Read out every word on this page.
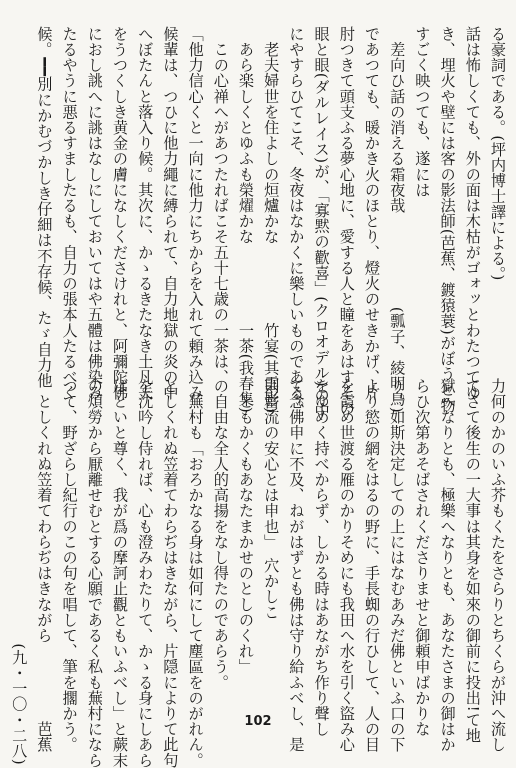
る豪詞である。(坪内博士譯による。)
話は怖しくても、外の面は木枯がゴォッとわたつてゆ
き、埋火や壁には客の影法師(芭蕉、鍍猿蓑)がぼうと物
すごく映つても、遂には
　差向ひ話の消える霜夜哉　　　　　　(瓢子、綾明鳥)
であつても、暖かき火のほとり、燈火のせきかげ、片
肘つきて頭支ふる夢心地に、愛する人と瞳をあはすその
眼と眼(ダルレイス)が、「寡黙の歡喜」(クロオデル)の中
にやすらひてこそ、冬夜はなかくに樂しいものである。
　老夫婦世を住よしの烜爐かな　　　　　竹宴(其雲影)
　あら楽しくとゆふも榮燿かな　　　　　一茶(我春集)
　この心禅へがあつたればこそ五十七歳の一茶は、
「他力信心くと一向に他力にちからを入れて頼み込み
候輩は、つひに他力繩に縛られて、自力地獄の炎の中
へぼたんと落入り候。其次に、かゝるきたなき土凡夫
をうつくしき黄金の膚になしくださけれと、阿彌陀佛
におし誂へに誂はなしにしておいてはや五體は佛染み
たるやうに悪るすましたるも、自力の張本人たるべく
候。━━別にかむづかしき仔細は不存候、たゞ自力他
力何のかのいふ芥もくたをさらりとちくらが沖へ流し
てさて後生の一大事は其身を如來の御前に投出!て地
獄へなりとも、極樂へなりとも、あなたさまの御はか
らひ次第あそばされくださりませと御頼申ばかりな
り。如斯決定しての上にはなむあみだ佛といふ口の下
より慾の網をはるの野に、手長蜘の行ひして、人の目
を霞め世渡る雁のかりそめにも我田へ水を引く盜み心
をゆめく持べからず、しかる時はあながち作り聲し
て念佛申に不及、ねがはずとも佛は守り給ふべし、是
則當流の安心とは申也」　穴かしこ
　ともかくもあなたまかせのとしのくれ」
の自由な全人的高揚をなし得たのであらう。
　蕪村も「おろかなる身は如何にして塵區をのがれん。
としくれぬ笠着てわらぢはきながら、片隠によりて此句
を沈吟し侍れば、心も澄みわたりて、かゝる身にしあら
ばといと尊く、我が爲の摩訶止觀ともいふべし」と蕨末
の煩勞から厭離せむとする心願であるく私も蕪村になら
つて、野ざらし紀行のこの句を唱して、筆を擱かう。
　としくれぬ笠着てわらぢはきながら　　　　　芭蕉
　　　　　　　　　　　　　　　　　(九・一〇・二八)	102
